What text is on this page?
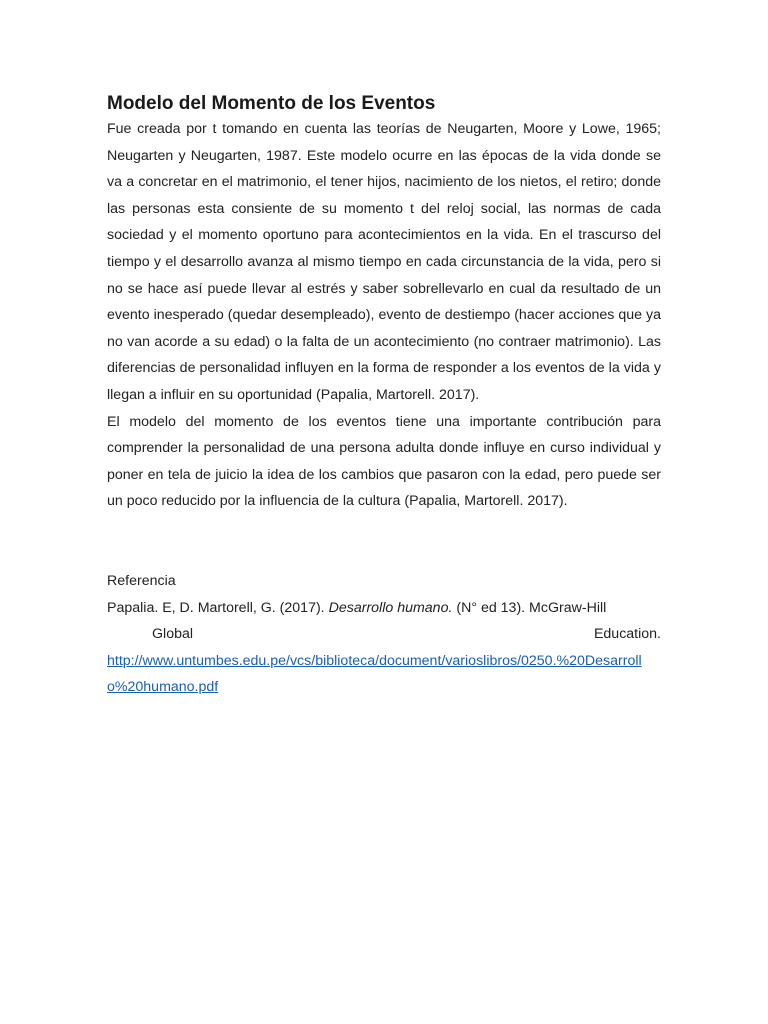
Modelo del Momento de los Eventos

Fue creada por t tomando en cuenta las teorías de Neugarten, Moore y Lowe, 1965; Neugarten y Neugarten, 1987. Este modelo ocurre en las épocas de la vida donde se va a concretar en el matrimonio, el tener hijos, nacimiento de los nietos, el retiro; donde las personas esta consiente de su momento t del reloj social, las normas de cada sociedad y el momento oportuno para acontecimientos en la vida. En el trascurso del tiempo y el desarrollo avanza al mismo tiempo en cada circunstancia de la vida, pero si no se hace así puede llevar al estrés y saber sobrellevarlo en cual da resultado de un evento inesperado (quedar desempleado), evento de destiempo (hacer acciones que ya no van acorde a su edad) o la falta de un acontecimiento (no contraer matrimonio). Las diferencias de personalidad influyen en la forma de responder a los eventos de la vida y llegan a influir en su oportunidad (Papalia, Martorell. 2017).

El modelo del momento de los eventos tiene una importante contribución para comprender la personalidad de una persona adulta donde influye en curso individual y poner en tela de juicio la idea de los cambios que pasaron con la edad, pero puede ser un poco reducido por la influencia de la cultura (Papalia, Martorell. 2017).

Referencia

Papalia. E, D. Martorell, G. (2017). Desarrollo humano. (N° ed 13). McGraw-Hill
Global	Education.
http://www.untumbes.edu.pe/vcs/biblioteca/document/varioslibros/0250.%20Desarrollo%20humano.pdf
